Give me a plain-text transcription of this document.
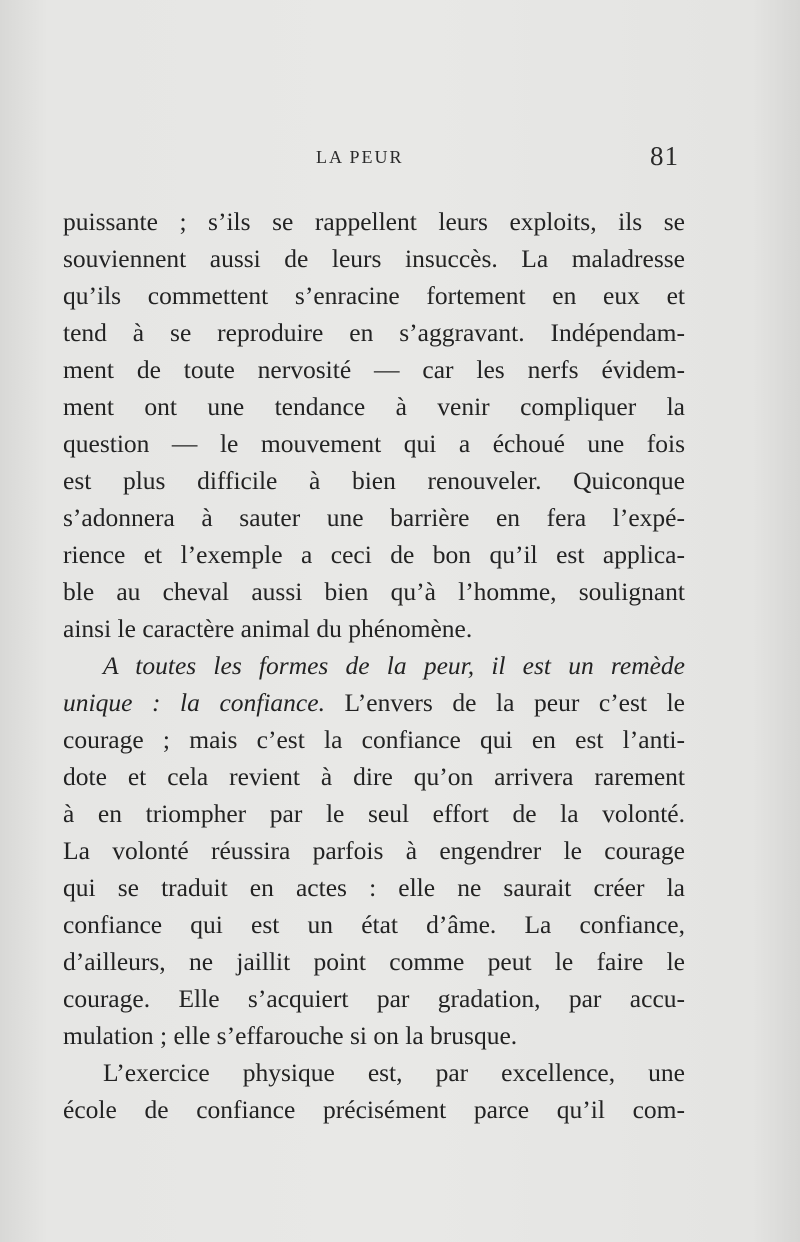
LA PEUR	81
puissante ; s’ils se rappellent leurs exploits, ils se
souviennent aussi de leurs insuccès. La maladresse
qu’ils commettent s’enracine fortement en eux et
tend à se reproduire en s’aggravant. Indépendam-
ment de toute nervosité — car les nerfs évidem-
ment ont une tendance à venir compliquer la
question — le mouvement qui a échoué une fois
est plus difficile à bien renouveler. Quiconque
s’adonnera à sauter une barrière en fera l’expé-
rience et l’exemple a ceci de bon qu’il est applica-
ble au cheval aussi bien qu’à l’homme, soulignant
ainsi le caractère animal du phénomène.
A toutes les formes de la peur, il est un remède
unique : la confiance. L’envers de la peur c’est le
courage ; mais c’est la confiance qui en est l’anti-
dote et cela revient à dire qu’on arrivera rarement
à en triompher par le seul effort de la volonté.
La volonté réussira parfois à engendrer le courage
qui se traduit en actes : elle ne saurait créer la
confiance qui est un état d’âme. La confiance,
d’ailleurs, ne jaillit point comme peut le faire le
courage. Elle s’acquiert par gradation, par accu-
mulation ; elle s’effarouche si on la brusque.
L’exercice physique est, par excellence, une
école de confiance précisément parce qu’il com-
